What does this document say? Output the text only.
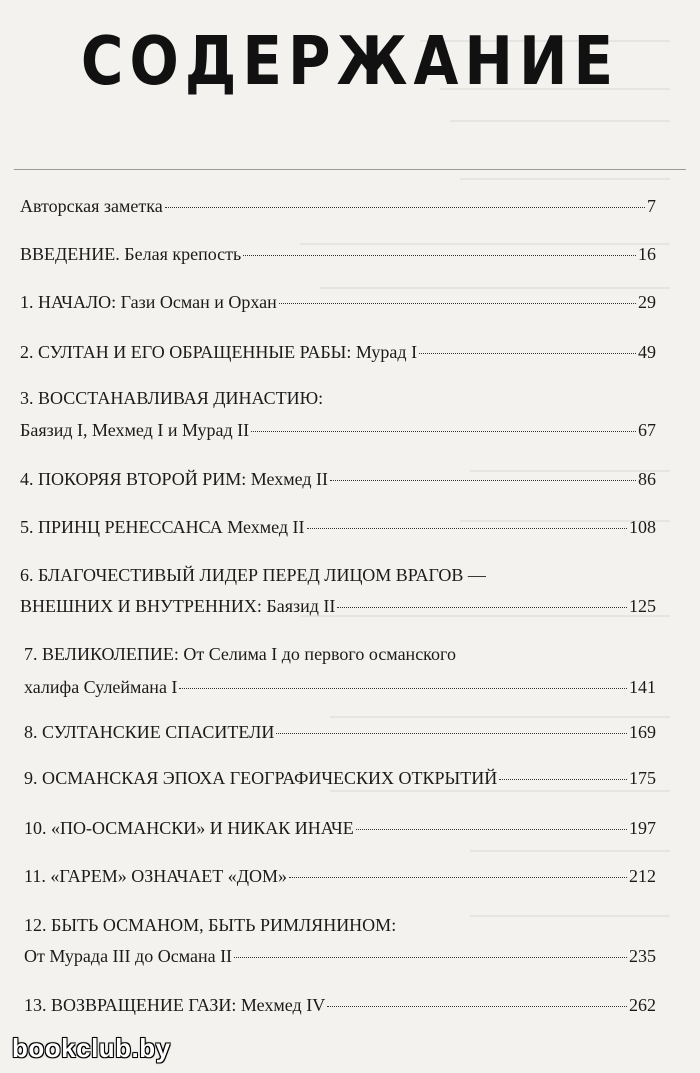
СОДЕРЖАНИЕ
Авторская заметка	7
ВВЕДЕНИЕ. Белая крепость	16
1. НАЧАЛО: Гази Осман и Орхан	29
2. СУЛТАН И ЕГО ОБРАЩЕННЫЕ РАБЫ: Мурад I	49
3. ВОССТАНАВЛИВАЯ ДИНАСТИЮ:
Баязид I, Мехмед I и Мурад II	67
4. ПОКОРЯЯ ВТОРОЙ РИМ: Мехмед II	86
5. ПРИНЦ РЕНЕССАНСА Мехмед II	108
6. БЛАГОЧЕСТИВЫЙ ЛИДЕР ПЕРЕД ЛИЦОМ ВРАГОВ —
ВНЕШНИХ И ВНУТРЕННИХ: Баязид II	125
7. ВЕЛИКОЛЕПИЕ: От Селима I до первого османского
халифа Сулеймана I	141
8. СУЛТАНСКИЕ СПАСИТЕЛИ	169
9. ОСМАНСКАЯ ЭПОХА ГЕОГРАФИЧЕСКИХ ОТКРЫТИЙ	175
10. «ПО-ОСМАНСКИ» И НИКАК ИНАЧЕ	197
11. «ГАРЕМ» ОЗНАЧАЕТ «ДОМ»	212
12. БЫТЬ ОСМАНОМ, БЫТЬ РИМЛЯНИНОМ:
От Мурада III до Османа II	235
13. ВОЗВРАЩЕНИЕ ГАЗИ: Мехмед IV	262
bookclub.by
